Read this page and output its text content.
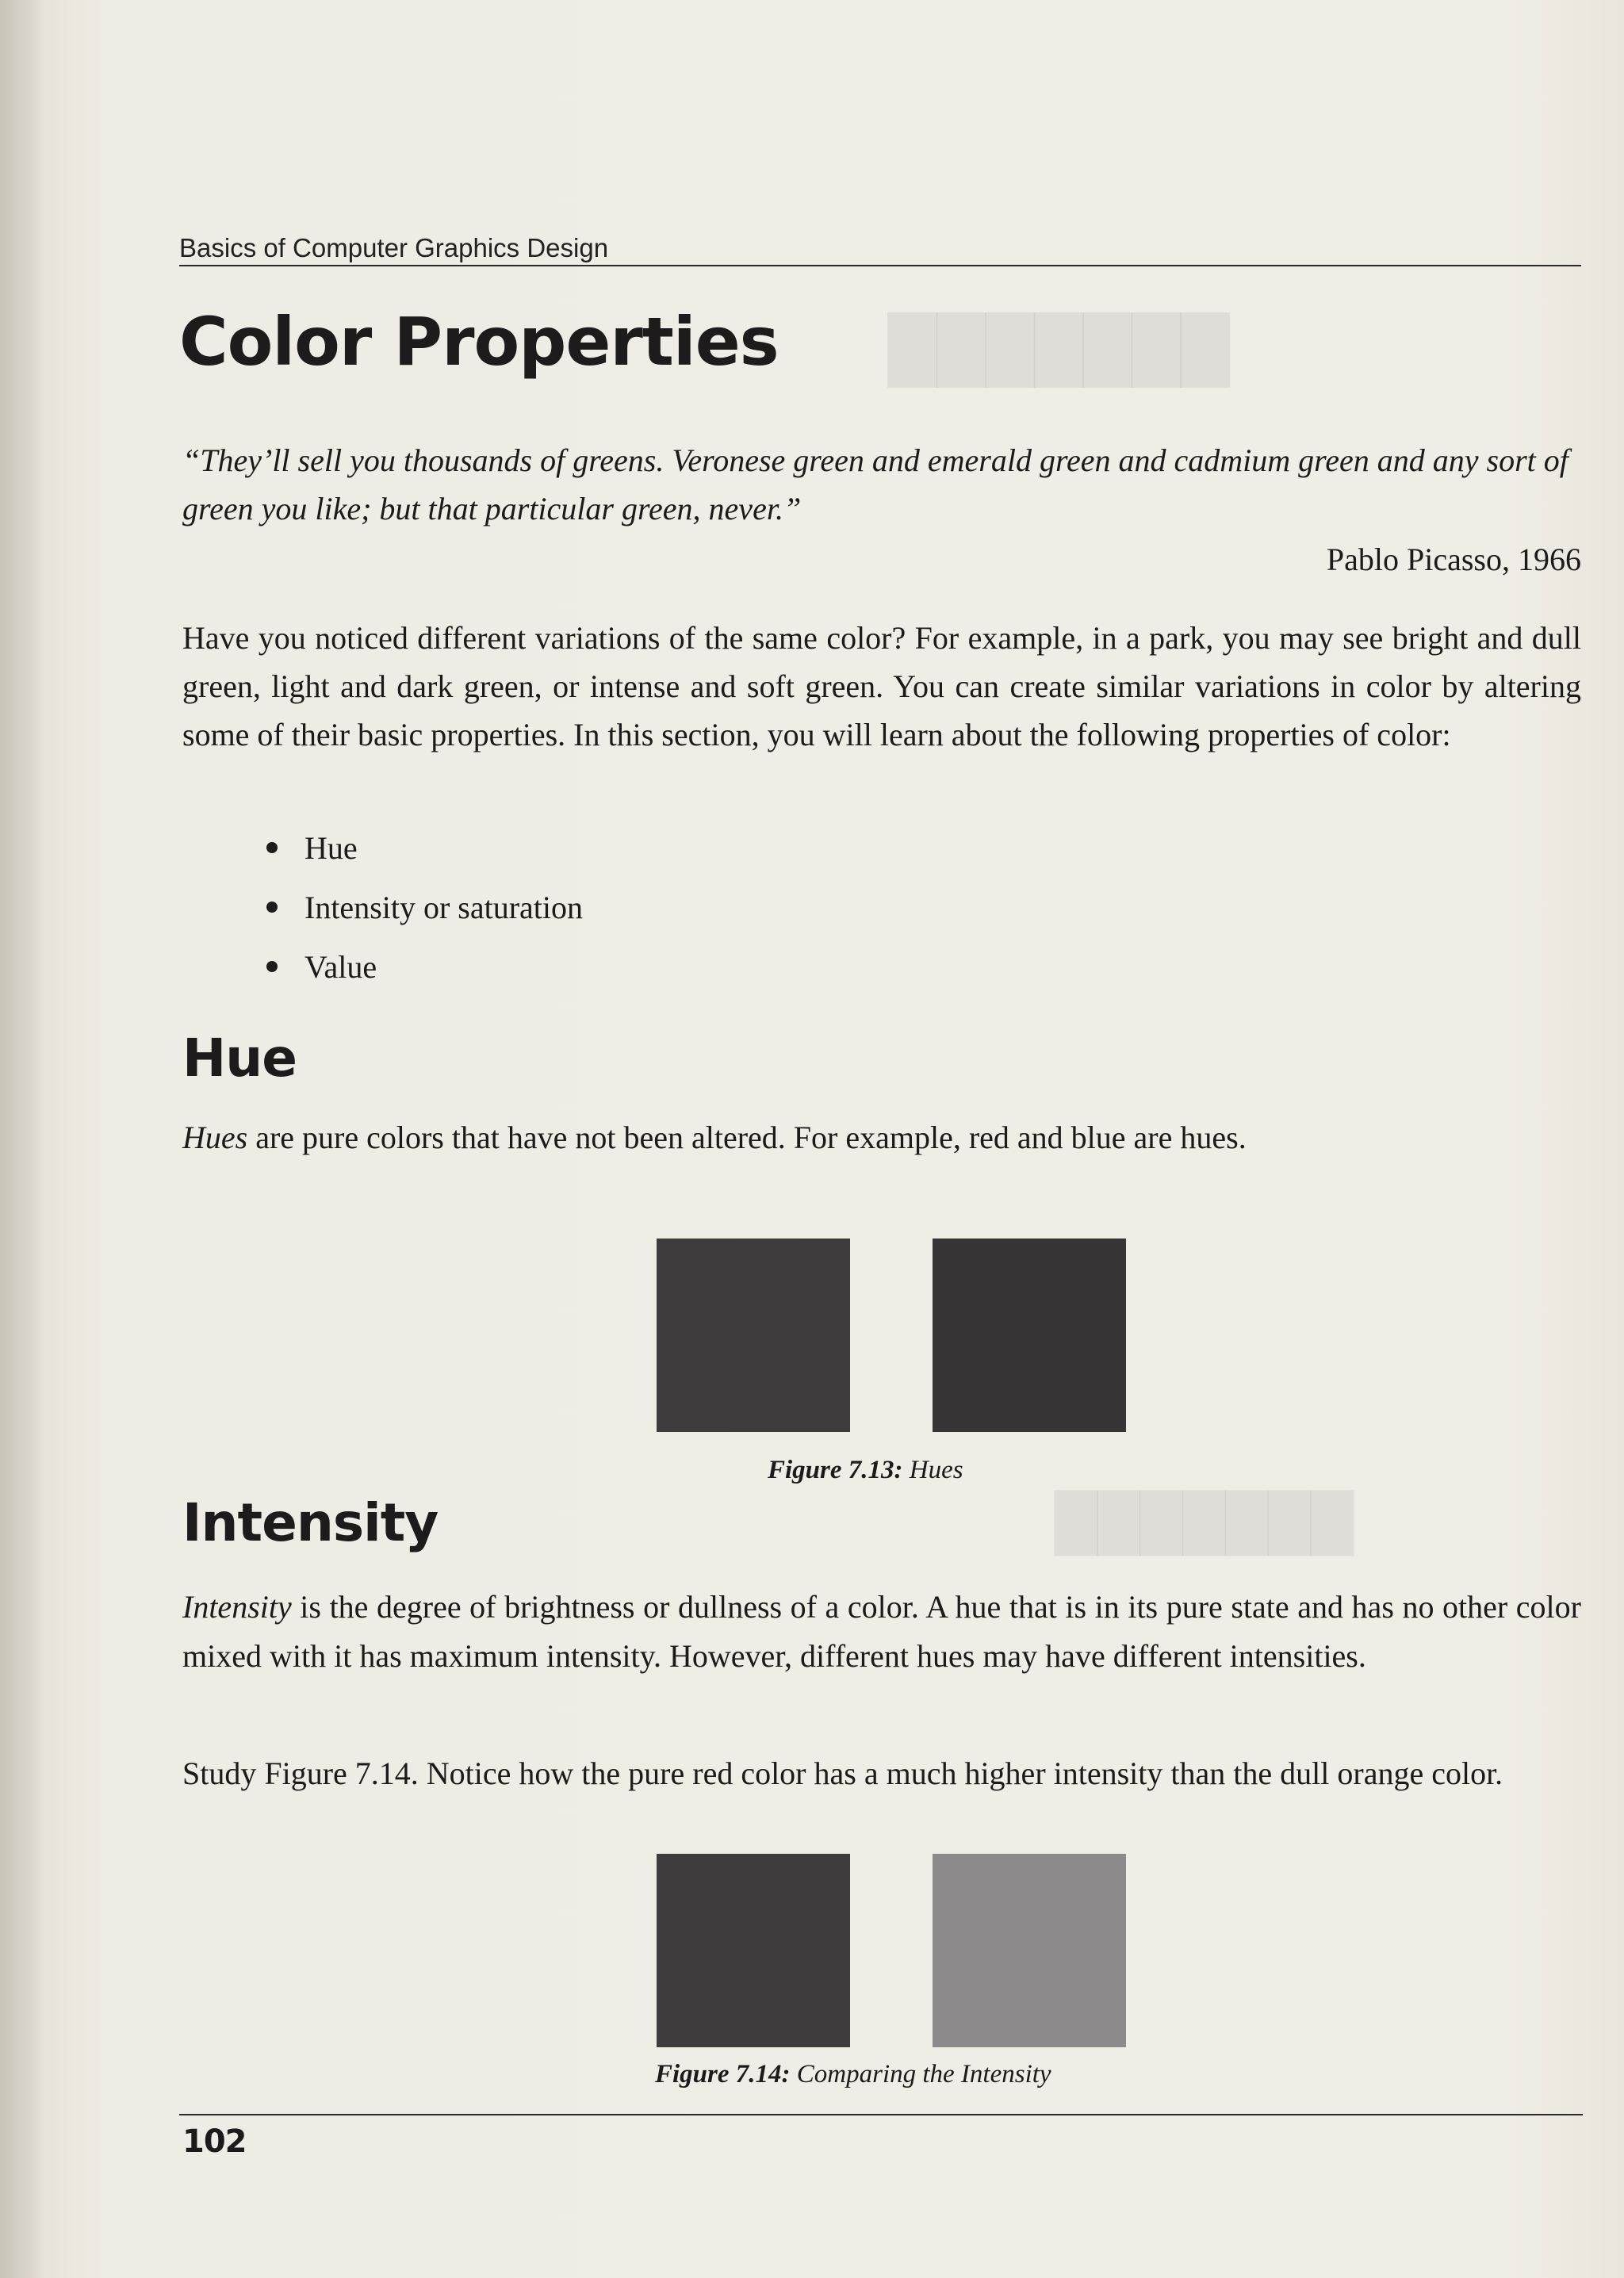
███████
███████
Basics of Computer Graphics Design
Color Properties
“They’ll sell you thousands of greens. Veronese green and emerald green and cadmium green and any sort of green you like; but that particular green, never.”
Pablo Picasso, 1966
Have you noticed different variations of the same color? For example, in a park, you may see bright and dull green, light and dark green, or intense and soft green. You can create similar variations in color by altering some of their basic properties. In this section, you will learn about the following properties of color:
Hue
Intensity or saturation
Value
Hue
Hues are pure colors that have not been altered. For example, red and blue are hues.
Figure 7.13: Hues
Intensity
Intensity is the degree of brightness or dullness of a color. A hue that is in its pure state and has no other color mixed with it has maximum intensity. However, different hues may have different intensities.
Study Figure 7.14. Notice how the pure red color has a much higher intensity than the dull orange color.
Figure 7.14: Comparing the Intensity
102
